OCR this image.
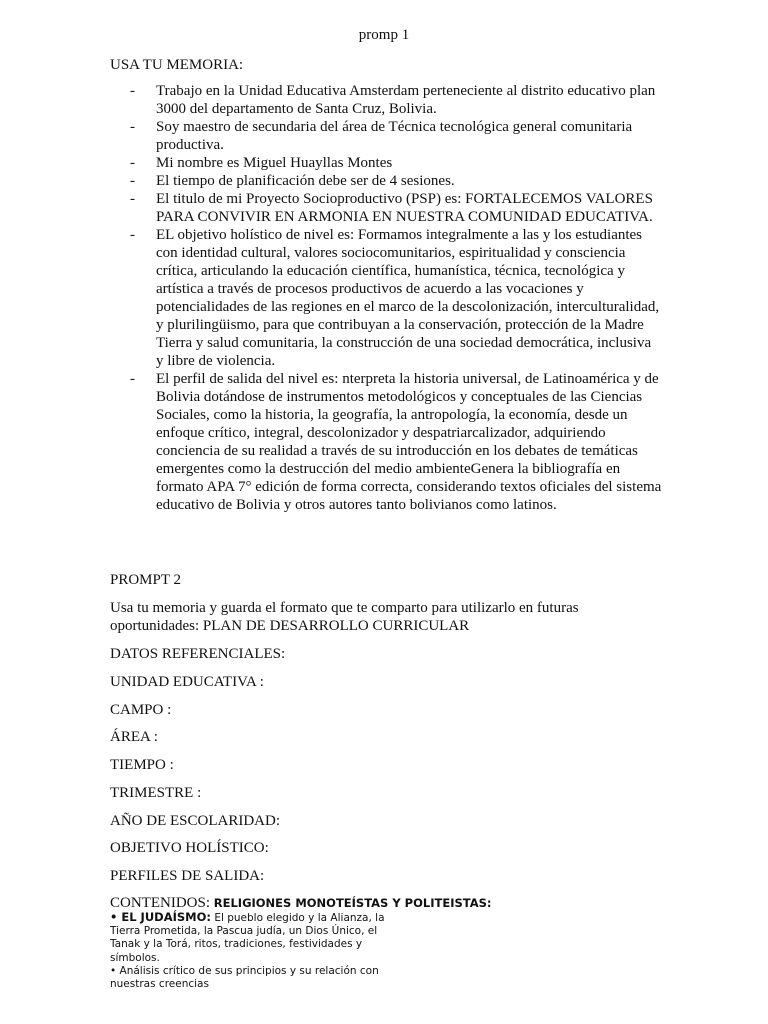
promp 1
USA TU MEMORIA:
- Trabajo en la Unidad Educativa Amsterdam perteneciente al distrito educativo plan 3000 del departamento de Santa Cruz, Bolivia.
- Soy maestro de secundaria del área de Técnica tecnológica general comunitaria productiva.
- Mi nombre es Miguel Huayllas Montes
- El tiempo de planificación debe ser de 4 sesiones.
- El titulo de mi Proyecto Socioproductivo (PSP) es: FORTALECEMOS VALORES PARA CONVIVIR EN ARMONIA EN NUESTRA COMUNIDAD EDUCATIVA.
- EL objetivo holístico de nivel es: Formamos integralmente a las y los estudiantes con identidad cultural, valores sociocomunitarios, espiritualidad y consciencia crítica, articulando la educación científica, humanística, técnica, tecnológica y artística a través de procesos productivos de acuerdo a las vocaciones y potencialidades de las regiones en el marco de la descolonización, interculturalidad, y plurilingüismo, para que contribuyan a la conservación, protección de la Madre Tierra y salud comunitaria, la construcción de una sociedad democrática, inclusiva y libre de violencia.
- El perfil de salida del nivel es: nterpreta la historia universal, de Latinoamérica y de Bolivia dotándose de instrumentos metodológicos y conceptuales de las Ciencias Sociales, como la historia, la geografía, la antropología, la economía, desde un enfoque crítico, integral, descolonizador y despatriarcalizador, adquiriendo conciencia de su realidad a través de su introducción en los debates de temáticas emergentes como la destrucción del medio ambienteGenera la bibliografía en formato APA 7° edición de forma correcta, considerando textos oficiales del sistema educativo de Bolivia y otros autores tanto bolivianos como latinos.
PROMPT 2
Usa tu memoria y guarda el formato que te comparto para utilizarlo en futuras oportunidades: PLAN DE DESARROLLO CURRICULAR
DATOS REFERENCIALES:
UNIDAD EDUCATIVA :
CAMPO :
ÁREA :
TIEMPO :
TRIMESTRE :
AÑO DE ESCOLARIDAD:
OBJETIVO HOLÍSTICO:
PERFILES DE SALIDA:
CONTENIDOS: RELIGIONES MONOTEÍSTAS Y POLITEISTAS:
• EL JUDAÍSMO: El pueblo elegido y la Alianza, la Tierra Prometida, la Pascua judía, un Dios Único, el Tanak y la Torá, ritos, tradiciones, festividades y símbolos.
• Análisis crítico de sus principios y su relación con nuestras creencias
